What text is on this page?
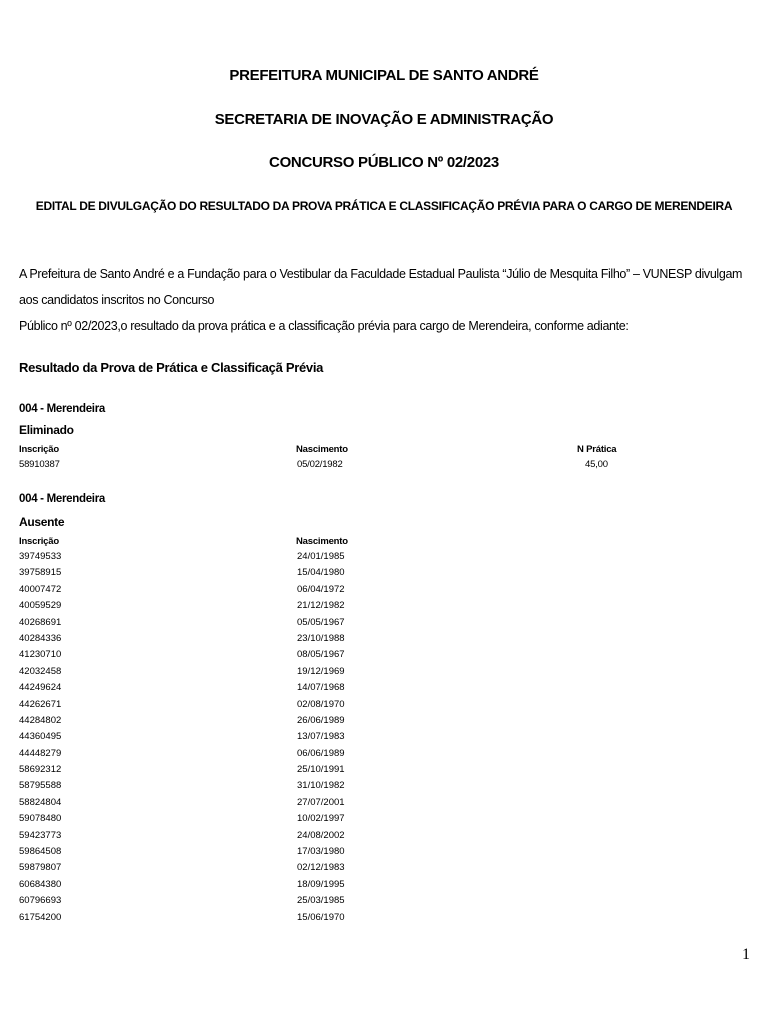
PREFEITURA MUNICIPAL DE SANTO ANDRÉ
SECRETARIA DE INOVAÇÃO E ADMINISTRAÇÃO
CONCURSO PÚBLICO Nº 02/2023
EDITAL DE DIVULGAÇÃO DO RESULTADO DA PROVA PRÁTICA E CLASSIFICAÇÃO PRÉVIA PARA O CARGO DE MERENDEIRA
A Prefeitura de Santo André e a Fundação para o Vestibular da Faculdade Estadual Paulista “Júlio de Mesquita Filho” – VUNESP divulgam aos candidatos inscritos no Concurso
Público nº 02/2023,o resultado da prova prática e a classificação prévia para cargo de Merendeira, conforme adiante:
Resultado da Prova de Prática e Classificaçã Prévia
004 - Merendeira
Eliminado
Inscrição	Nascimento	N Prática
58910387	05/02/1982	45,00
004 - Merendeira
Ausente
Inscrição	Nascimento
39749533	24/01/1985
39758915	15/04/1980
40007472	06/04/1972
40059529	21/12/1982
40268691	05/05/1967
40284336	23/10/1988
41230710	08/05/1967
42032458	19/12/1969
44249624	14/07/1968
44262671	02/08/1970
44284802	26/06/1989
44360495	13/07/1983
44448279	06/06/1989
58692312	25/10/1991
58795588	31/10/1982
58824804	27/07/2001
59078480	10/02/1997
59423773	24/08/2002
59864508	17/03/1980
59879807	02/12/1983
60684380	18/09/1995
60796693	25/03/1985
61754200	15/06/1970
1
